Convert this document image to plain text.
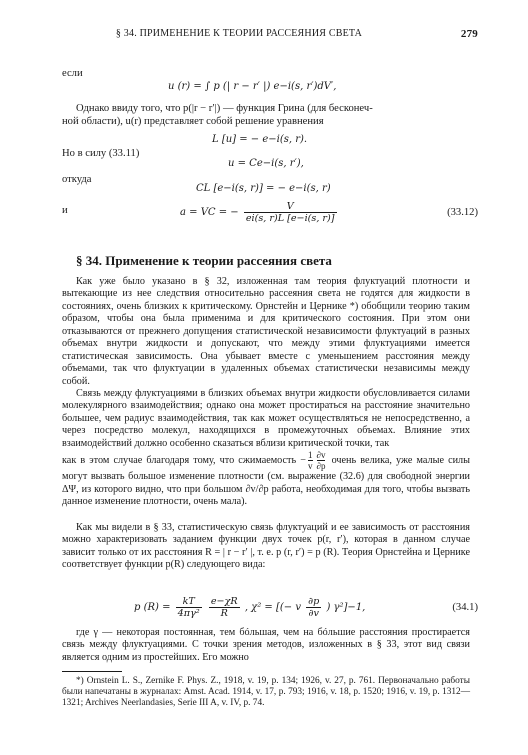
§ 34. ПРИМЕНЕНИЕ К ТЕОРИИ РАССЕЯНИЯ СВЕТА	279
если
u (r) = ∫ p (| r − r′ |) e−i(s, r′)dV′,
Однако ввиду того, что p(|r − r′|) — функция Грина (для бесконеч-
ной области), u(r) представляет собой решение уравнения
L [u] = − e−i(s, r).
Но в силу (33.11)
u = Ce−i(s, r′),
откуда
CL [e−i(s, r)] = − e−i(s, r)
и	a = VC = − $\frac{V}{ei(s, r)L [e-i(s, r)]}$	(33.12)
§ 34. Применение к теории рассеяния света

Как уже было указано в § 32, изложенная там теория флуктуаций плотности и вытекающие из нее следствия относительно рассеяния света не годятся для жидкости в состояниях, очень близких к критическому. Орнстейн и Цернике *) обобщили теорию таким образом, чтобы она была применима и для критического состояния. При этом они отказываются от прежнего допущения статистической независимости флуктуаций в разных объемах внутри жидкости и допускают, что между этими флуктуациями имеется статистическая зависимость. Она убывает вместе с уменьшением расстояния между объемами, так что флуктуации в удаленных объемах статистически независимы между собой.

Связь между флуктуациями в близких объемах внутри жидкости обусловливается силами молекулярного взаимодействия; однако она может простираться на расстояние значительно большее, чем радиус взаимодействия, так как может осуществляться не непосредственно, а через посредство молекул, находящихся в промежуточных объемах. Влияние этих взаимодействий должно особенно сказаться вблизи критической точки, так

как в этом случае благодаря тому, что сжимаемость − $\frac{1}{v} \frac{\partial v}{\partial p}$ очень велика, уже малые силы могут вызвать большое изменение плотности (см. выражение (32.6) для свободной энергии ΔΨ, из которого видно, что при большом ∂v/∂p работа, необходимая для того, чтобы вызвать данное изменение плотности, очень мала).

Как мы видели в § 33, статистическую связь флуктуаций и ее зависимость от расстояния можно характеризовать заданием функции двух точек p(r, r′), которая в данном случае зависит только от их расстояния R = | r − r′ |, т. е. p (r, r′) = p (R). Теория Орнстейна и Цернике соответствует функции p(R) следующего вида:

p $(R) = \frac{kT}{\text{4πγ²}}$
$\frac{e-\chi R}{R}$ , χ² = [(− v $\frac{\partial p}{\partial v}$ ) γ²]−1,	(34.1)

где γ — некоторая постоянная, тем бóльшая, чем на бóльшие расстояния простирается связь между флуктуациями. С точки зрения методов, изложенных в § 33, этот вид связи является одним из простейших. Его можно

*) Ornstein L. S., Zernike F. Phys. Z., 1918, v. 19, p. 134; 1926, v. 27, p. 761. Первоначально работы были напечатаны в журналах: Amst. Acad. 1914, v. 17, p. 793; 1916, v. 18, p. 1520; 1916, v. 19, p. 1312—1321; Archives Neerlandasies, Serie III A, v. IV, p. 74.
